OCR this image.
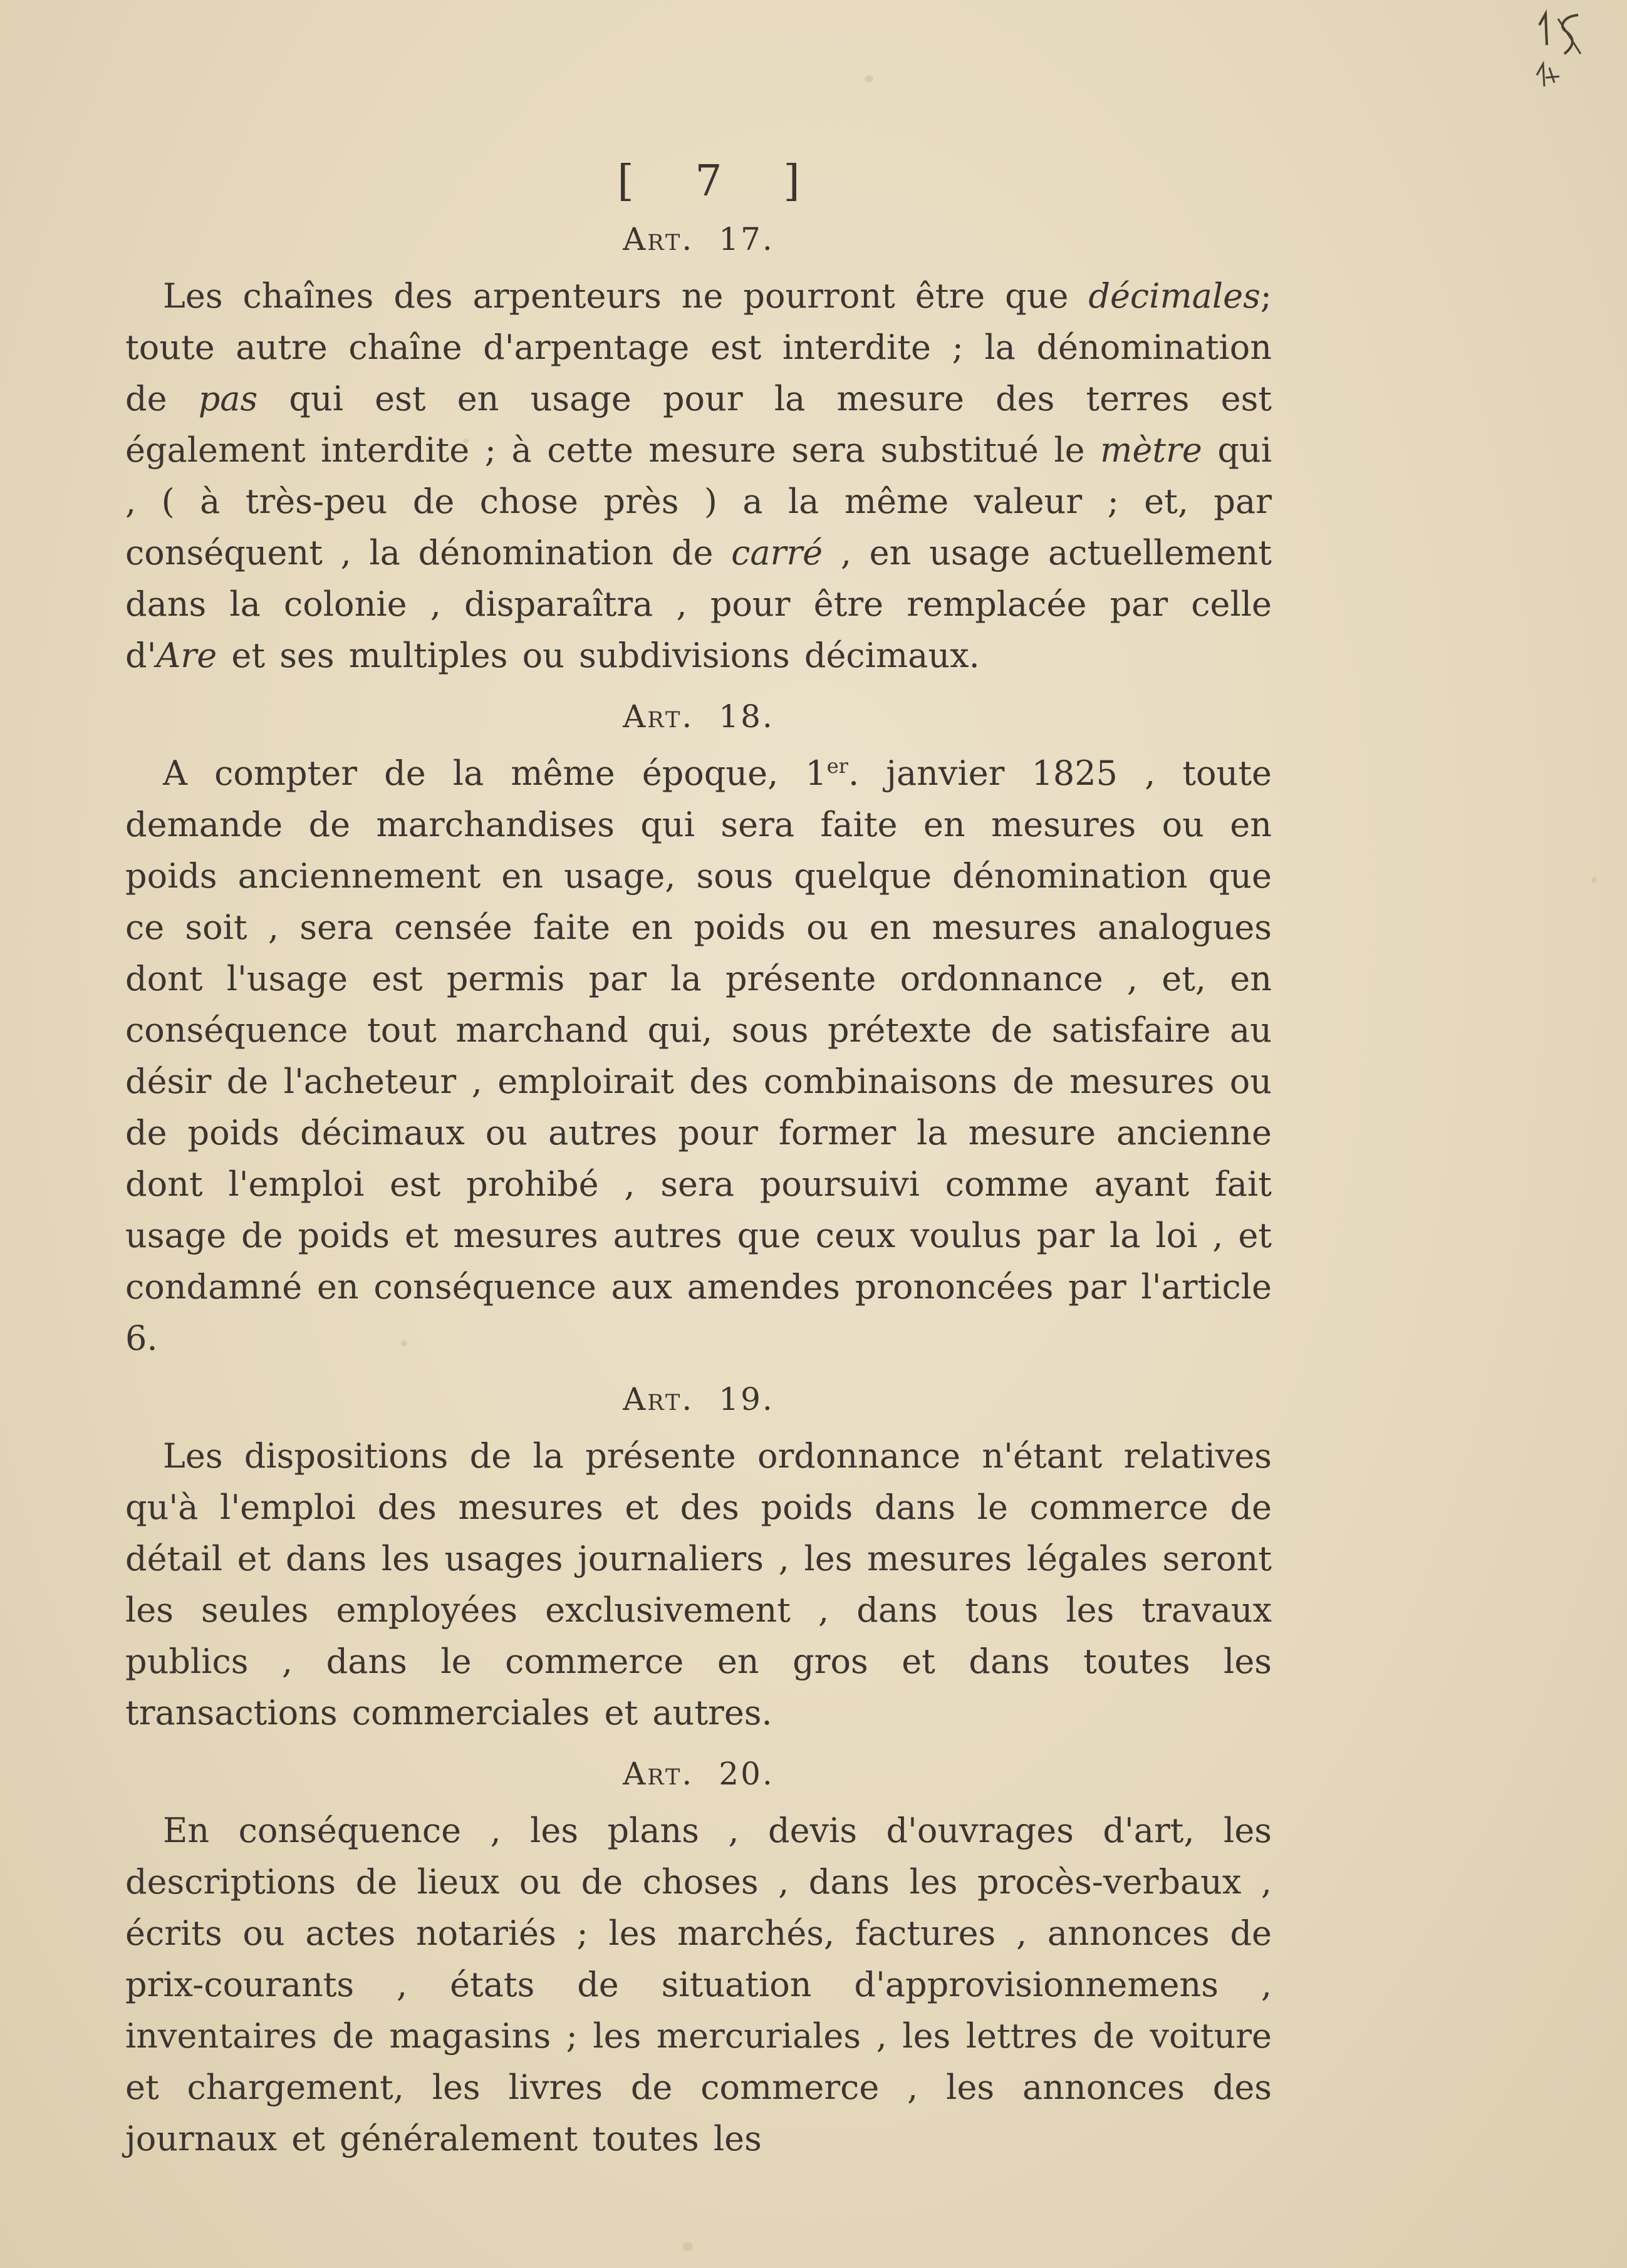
[ 7 ]
Art. 17.

Les chaînes des arpenteurs ne pourront être que décimales; toute autre chaîne d'arpentage est interdite ; la dénomination de pas qui est en usage pour la mesure des terres est également interdite ; à cette mesure sera substitué le mètre qui , ( à très-peu de chose près ) a la même valeur ; et, par conséquent , la dénomination de carré , en usage actuellement dans la colonie , disparaîtra , pour être remplacée par celle d'Are et ses multiples ou subdivisions décimaux.

Art. 18.

A compter de la même époque, 1er. janvier 1825 , toute demande de marchandises qui sera faite en mesures ou en poids anciennement en usage, sous quelque dénomination que ce soit , sera censée faite en poids ou en mesures analogues dont l'usage est permis par la présente ordonnance , et, en conséquence tout marchand qui, sous prétexte de satisfaire au désir de l'acheteur , emploirait des combinaisons de mesures ou de poids décimaux ou autres pour former la mesure ancienne dont l'emploi est prohibé , sera poursuivi comme ayant fait usage de poids et mesures autres que ceux voulus par la loi , et condamné en conséquence aux amendes prononcées par l'article 6.

Art. 19.

Les dispositions de la présente ordonnance n'étant relatives qu'à l'emploi des mesures et des poids dans le commerce de détail et dans les usages journaliers , les mesures légales seront les seules employées exclusivement , dans tous les travaux publics , dans le commerce en gros et dans toutes les transactions commerciales et autres.

Art. 20.

En conséquence , les plans , devis d'ouvrages d'art, les descriptions de lieux ou de choses , dans les procès-verbaux , écrits ou actes notariés ; les marchés, factures , annonces de prix-courants , états de situation d'approvisionnemens , inventaires de magasins ; les mercuriales , les lettres de voiture et chargement, les livres de commerce , les annonces des journaux et généralement toutes les
